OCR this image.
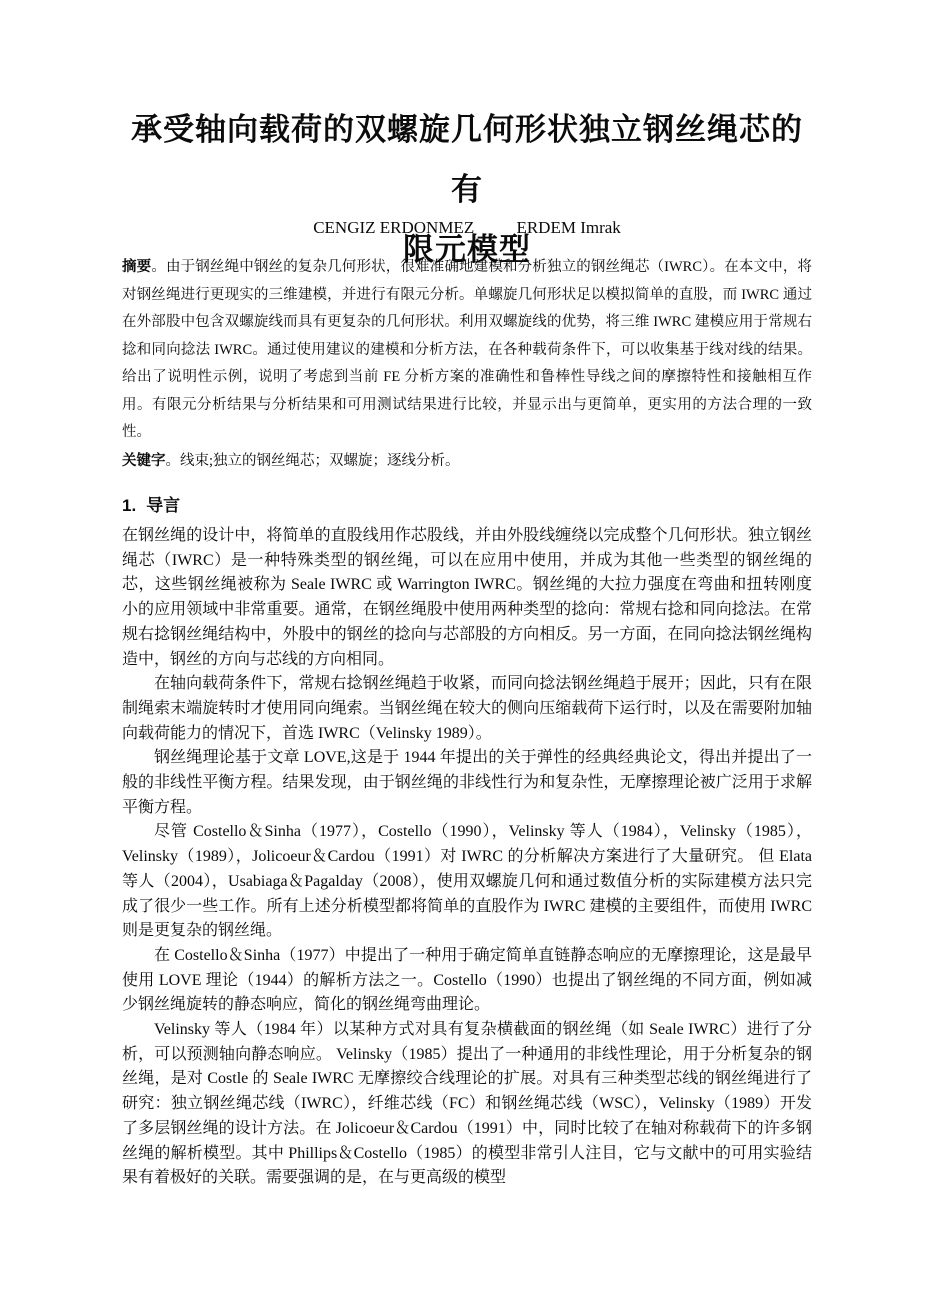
承受轴向载荷的双螺旋几何形状独立钢丝绳芯的有
限元模型
CENGIZ ERDONMEZ ERDEM Imrak
摘要。由于钢丝绳中钢丝的复杂几何形状，很难准确地建模和分析独立的钢丝绳芯（IWRC）。在本文中，将对钢丝绳进行更现实的三维建模，并进行有限元分析。单螺旋几何形状足以模拟简单的直股，而 IWRC 通过在外部股中包含双螺旋线而具有更复杂的几何形状。利用双螺旋线的优势，将三维 IWRC 建模应用于常规右捻和同向捻法 IWRC。通过使用建议的建模和分析方法，在各种载荷条件下，可以收集基于线对线的结果。给出了说明性示例，说明了考虑到当前 FE 分析方案的准确性和鲁棒性导线之间的摩擦特性和接触相互作用。有限元分析结果与分析结果和可用测试结果进行比较，并显示出与更简单，更实用的方法合理的一致性。
关键字。线束;独立的钢丝绳芯；双螺旋；逐线分析。
1. 导言

在钢丝绳的设计中，将简单的直股线用作芯股线，并由外股线缠绕以完成整个几何形状。独立钢丝绳芯（IWRC）是一种特殊类型的钢丝绳，可以在应用中使用，并成为其他一些类型的钢丝绳的芯，这些钢丝绳被称为 Seale IWRC 或 Warrington IWRC。钢丝绳的大拉力强度在弯曲和扭转刚度小的应用领域中非常重要。通常，在钢丝绳股中使用两种类型的捻向：常规右捻和同向捻法。在常规右捻钢丝绳结构中，外股中的钢丝的捻向与芯部股的方向相反。另一方面，在同向捻法钢丝绳构造中，钢丝的方向与芯线的方向相同。

在轴向载荷条件下，常规右捻钢丝绳趋于收紧，而同向捻法钢丝绳趋于展开；因此，只有在限制绳索末端旋转时才使用同向绳索。当钢丝绳在较大的侧向压缩载荷下运行时，以及在需要附加轴向载荷能力的情况下，首选 IWRC（Velinsky 1989）。

钢丝绳理论基于文章 LOVE,这是于 1944 年提出的关于弹性的经典经典论文，得出并提出了一般的非线性平衡方程。结果发现，由于钢丝绳的非线性行为和复杂性，无摩擦理论被广泛用于求解平衡方程。

尽管 Costello＆Sinha（1977），Costello（1990），Velinsky 等人（1984），Velinsky（1985），Velinsky（1989），Jolicoeur＆Cardou（1991）对 IWRC 的分析解决方案进行了大量研究。 但 Elata 等人（2004），Usabiaga＆Pagalday（2008），使用双螺旋几何和通过数值分析的实际建模方法只完成了很少一些工作。所有上述分析模型都将简单的直股作为 IWRC 建模的主要组件，而使用 IWRC 则是更复杂的钢丝绳。

在 Costello＆Sinha（1977）中提出了一种用于确定简单直链静态响应的无摩擦理论，这是最早使用 LOVE 理论（1944）的解析方法之一。Costello（1990）也提出了钢丝绳的不同方面，例如减少钢丝绳旋转的静态响应，简化的钢丝绳弯曲理论。

Velinsky 等人（1984 年）以某种方式对具有复杂横截面的钢丝绳（如 Seale IWRC）进行了分析，可以预测轴向静态响应。 Velinsky（1985）提出了一种通用的非线性理论，用于分析复杂的钢丝绳，是对 Costle 的 Seale IWRC 无摩擦绞合线理论的扩展。对具有三种类型芯线的钢丝绳进行了研究：独立钢丝绳芯线（IWRC），纤维芯线（FC）和钢丝绳芯线（WSC），Velinsky（1989）开发了多层钢丝绳的设计方法。在 Jolicoeur＆Cardou（1991）中，同时比较了在轴对称载荷下的许多钢丝绳的解析模型。其中 Phillips＆Costello（1985）的模型非常引人注目，它与文献中的可用实验结果有着极好的关联。需要强调的是，在与更高级的模型
